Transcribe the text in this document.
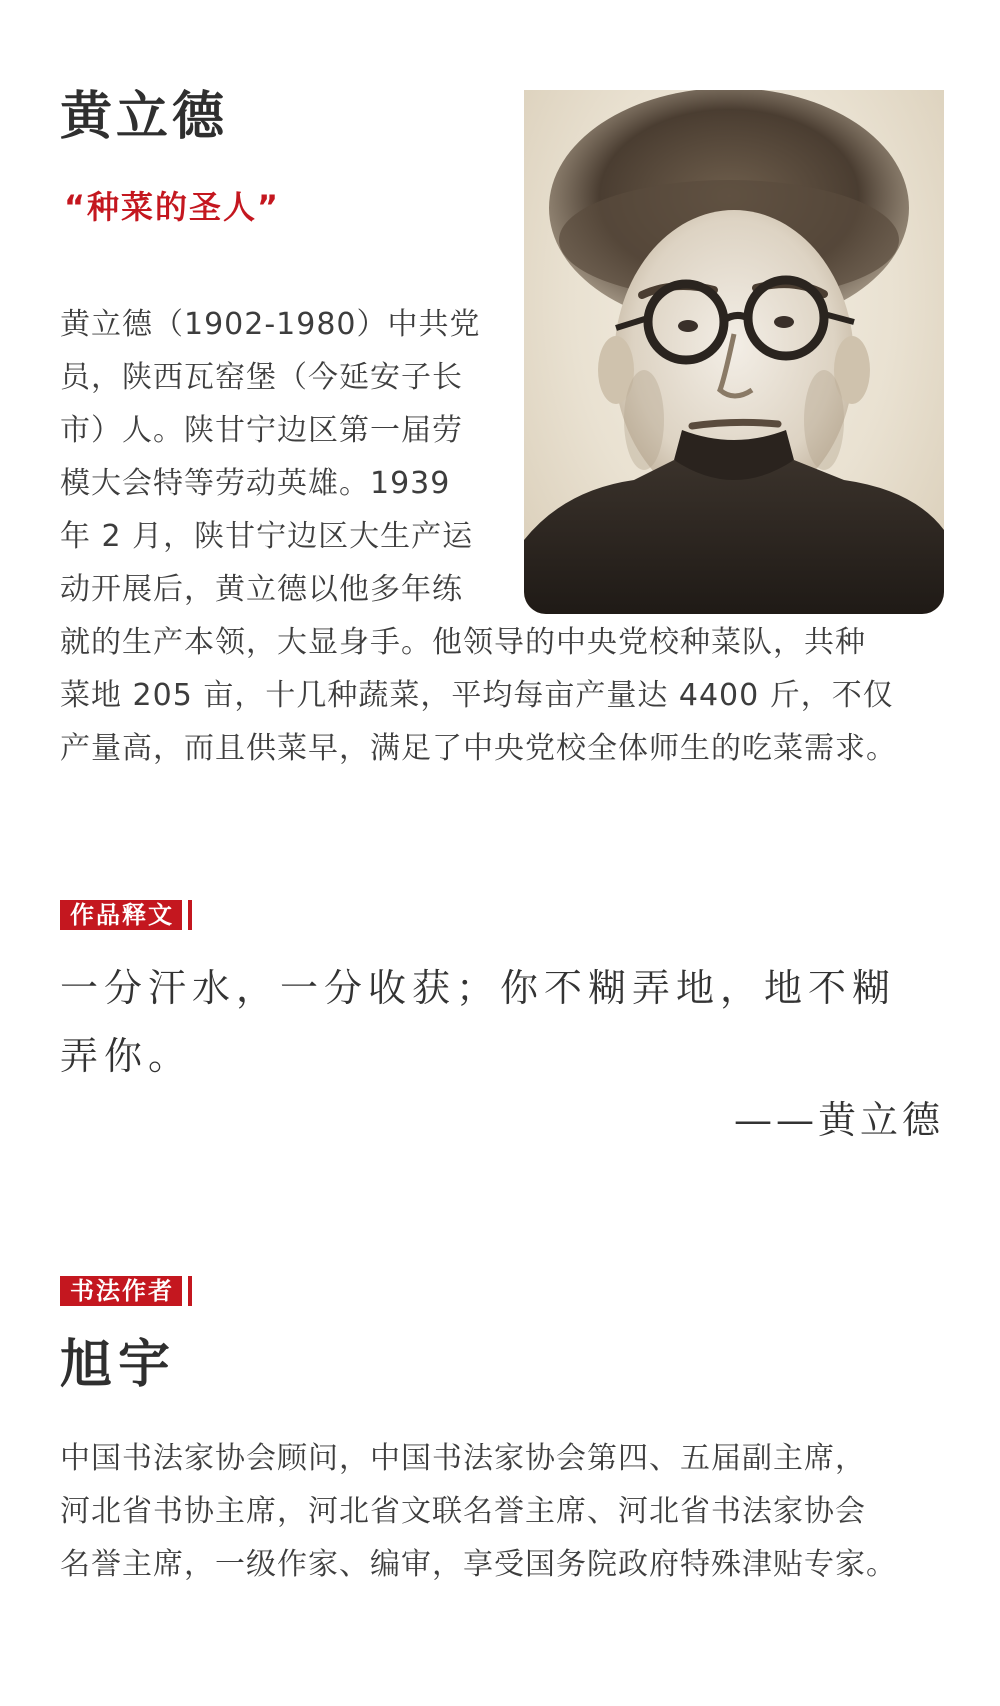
黄立德
“种菜的圣人”
黄立德（1902-1980）中共党
员，陕西瓦窑堡（今延安子长
市）人。陕甘宁边区第一届劳
模大会特等劳动英雄。1939
年 2 月，陕甘宁边区大生产运
动开展后，黄立德以他多年练
就的生产本领，大显身手。他领导的中央党校种菜队，共种
菜地 205 亩，十几种蔬菜，平均每亩产量达 4400 斤，不仅
产量高，而且供菜早，满足了中央党校全体师生的吃菜需求。
作品释文
一分汗水，一分收获；你不糊弄地，地不糊
弄你。
——黄立德
书法作者
旭宇
中国书法家协会顾问，中国书法家协会第四、五届副主席，
河北省书协主席，河北省文联名誉主席、河北省书法家协会
名誉主席，一级作家、编审，享受国务院政府特殊津贴专家。
